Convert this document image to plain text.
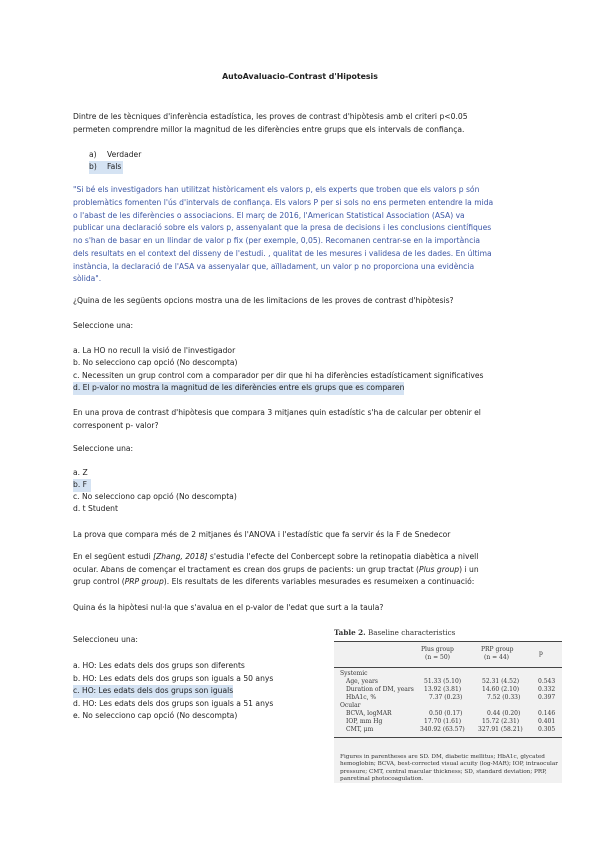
AutoAvaluacio-Contrast d'Hipotesis
Dintre de les tècniques d'inferència estadística, les proves de contrast d'hipòtesis amb el criteri p<0.05
permeten comprendre millor la magnitud de les diferències entre grups que els intervals de confiança.
a) Verdader
b) Fals
"Si bé els investigadors han utilitzat històricament els valors p, els experts que troben que els valors p són
problemàtics fomenten l'ús d'intervals de confiança. Els valors P per si sols no ens permeten entendre la mida
o l'abast de les diferències o associacions. El març de 2016, l'American Statistical Association (ASA) va
publicar una declaració sobre els valors p, assenyalant que la presa de decisions i les conclusions científiques
no s'han de basar en un llindar de valor p fix (per exemple, 0,05). Recomanen centrar-se en la importància
dels resultats en el context del disseny de l'estudi. , qualitat de les mesures i validesa de les dades. En última
instància, la declaració de l'ASA va assenyalar que, aïlladament, un valor p no proporciona una evidència
sòlida".
¿Quina de les següents opcions mostra una de les limitacions de les proves de contrast d'hipòtesis?
Seleccione una:
a. La HO no recull la visió de l'investigador
b. No selecciono cap opció (No descompta)
c. Necessiten un grup control com a comparador per dir que hi ha diferències estadísticament significatives
d. El p-valor no mostra la magnitud de les diferències entre els grups que es comparen
En una prova de contrast d'hipòtesis que compara 3 mitjanes quin estadístic s'ha de calcular per obtenir el
corresponent p- valor?
Seleccione una:
a. Z
b. F
c. No selecciono cap opció (No descompta)
d. t Student
La prova que compara més de 2 mitjanes és l'ANOVA i l'estadístic que fa servir és la F de Snedecor
En el següent estudi [Zhang, 2018] s'estudia l'efecte del Conbercept sobre la retinopatia diabètica a nivell
ocular. Abans de començar el tractament es crean dos grups de pacients: un grup tractat (Plus group) i un
grup control (PRP group). Els resultats de les diferents variables mesurades es resumeixen a continuació:
Quina és la hipòtesi nul·la que s'avalua en el p-valor de l'edat que surt a la taula?
Seleccioneu una:
a. HO: Les edats dels dos grups son diferents
b. HO: Les edats dels dos grups son iguals a 50 anys
c. HO: Les edats dels dos grups son iguals
d. HO: Les edats dels dos grups son iguals a 51 anys
e. No selecciono cap opció (No descompta)
Table 2. Baseline characteristics
Plus group
(n = 50)
PRP group
(n = 44)
p
Systemic
Age, years	51.33 (5.10)	52.31 (4.52)	0.543
Duration of DM, years 13.92 (3.81)	14.60 (2.10)	0.332
HbA1c, %	7.37 (0.23)	7.52 (0.33)	0.397
Ocular
BCVA, logMAR	0.50 (0.17)	0.44 (0.20)	0.146
IOP, mm Hg	17.70 (1.61)	15.72 (2.31)	0.401
CMT, μm	340.92 (63.57) 327.91 (58.21)	0.305
Figures in parentheses are SD. DM, diabetic mellitus; HbA1c, glycated hemoglobin; BCVA, best-corrected visual acuity (log-MAR); IOP, intraocular pressure; CMT, central macular thickness; SD, standard deviation; PRP, panretinal photocoagulation.
